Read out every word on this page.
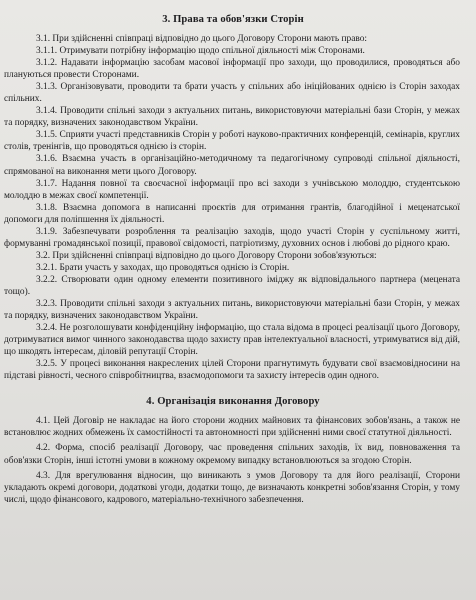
3. Права та обов'язки Сторін

3.1. При здійсненні співпраці відповідно до цього Договору Сторони мають право:

3.1.1. Отримувати потрібну інформацію щодо спільної діяльності між Сторонами.

3.1.2. Надавати інформацію засобам масової інформації про заходи, що проводилися, проводяться або плануються провести Сторонами.

3.1.3. Організовувати, проводити та брати участь у спільних або ініційованих однією із Сторін заходах спільних.

3.1.4. Проводити спільні заходи з актуальних питань, використовуючи матеріальні бази Сторін, у межах та порядку, визначених законодавством України.

3.1.5. Сприяти участі представників Сторін у роботі науково-практичних конференцій, семінарів, круглих столів, тренінгів, що проводяться однією із сторін.

3.1.6. Взаємна участь в організаційно-методичному та педагогічному супроводі спільної діяльності, спрямованої на виконання мети цього Договору.

3.1.7. Надання повної та своєчасної інформації про всі заходи з учнівською молоддю, студентською молоддю в межах своєї компетенції.

3.1.8. Взаємна допомога в написанні проєктів для отримання грантів, благодійної і меценатської допомоги для поліпшення їх діяльності.

3.1.9. Забезпечувати розроблення та реалізацію заходів, щодо участі Сторін у суспільному житті, формуванні громадянської позиції, правової свідомості, патріотизму, духовних основ і любові до рідного краю.

3.2. При здійсненні співпраці відповідно до цього Договору Сторони зобов'язуються:

3.2.1. Брати участь у заходах, що проводяться однією із Сторін.

3.2.2. Створювати один одному елементи позитивного іміджу як відповідального партнера (мецената тощо).

3.2.3. Проводити спільні заходи з актуальних питань, використовуючи матеріальні бази Сторін, у межах та порядку, визначених законодавством України.

3.2.4. Не розголошувати конфіденційну інформацію, що стала відома в процесі реалізації цього Договору, дотримуватися вимог чинного законодавства щодо захисту прав інтелектуальної власності, утримуватися від дій, що шкодять інтересам, діловій репутації Сторін.

3.2.5. У процесі виконання накреслених цілей Сторони прагнутимуть будувати свої взаємовідносини на підставі рівності, чесного співробітництва, взаємодопомоги та захисту інтересів один одного.

4. Організація виконання Договору

4.1. Цей Договір не накладає на його сторони жодних майнових та фінансових зобов'язань, а також не встановлює жодних обмежень їх самостійності та автономності при здійсненні ними своєї статутної діяльності.

4.2. Форма, спосіб реалізації Договору, час проведення спільних заходів, їх вид, повноваження та обов'язки Сторін, інші істотні умови в кожному окремому випадку встановлюються за згодою Сторін.

4.3. Для врегулювання відносин, що виникають з умов Договору та для його реалізації, Сторони укладають окремі договори, додаткові угоди, додатки тощо, де визначають конкретні зобов'язання Сторін, у тому числі, щодо фінансового, кадрового, матеріально-технічного забезпечення.
